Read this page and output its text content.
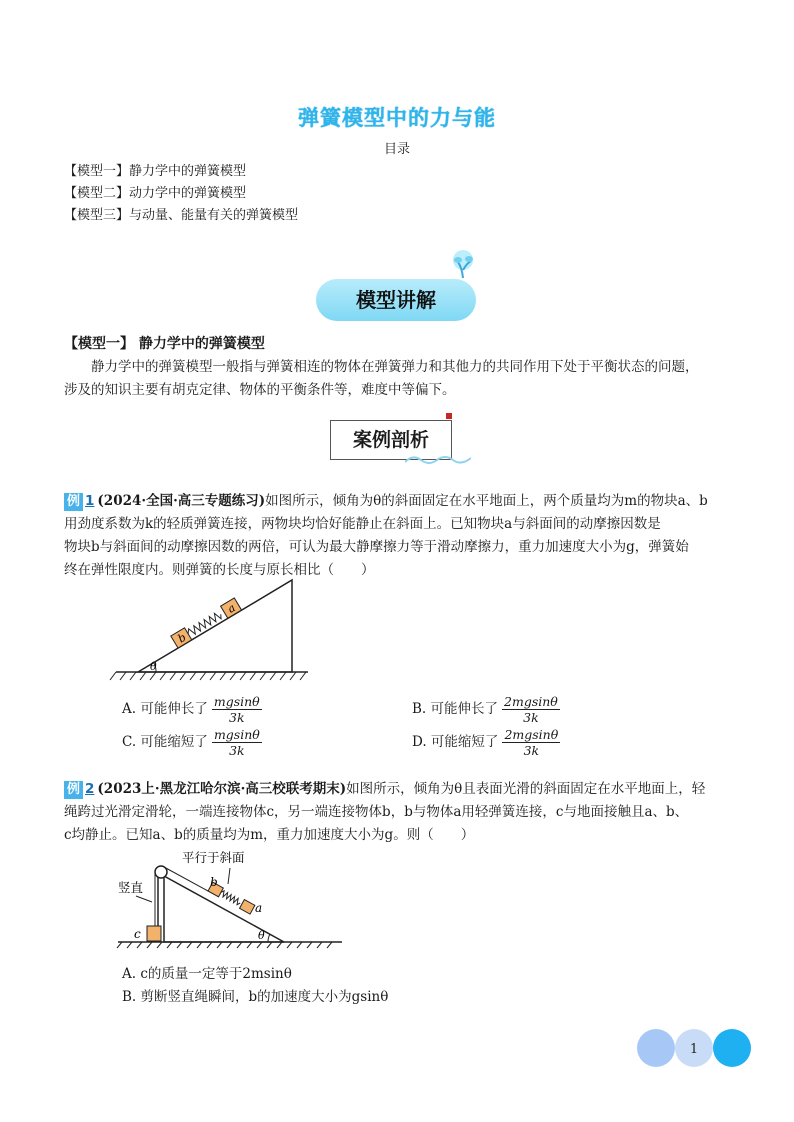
弹簧模型中的力与能
目录
【模型一】静力学中的弹簧模型
【模型二】动力学中的弹簧模型
【模型三】与动量、能量有关的弹簧模型
模型讲解
【模型一】 静力学中的弹簧模型
静力学中的弹簧模型一般指与弹簧相连的物体在弹簧弹力和其他力的共同作用下处于平衡状态的问题，
涉及的知识主要有胡克定律、物体的平衡条件等，难度中等偏下。
案例剖析
例 1 (2024·全国·高三专题练习)如图所示，倾角为θ的斜面固定在水平地面上，两个质量均为m的物块a、b
用劲度系数为k的轻质弹簧连接，两物块均恰好能静止在斜面上。已知物块a与斜面间的动摩擦因数是
物块b与斜面间的动摩擦因数的两倍，可认为最大静摩擦力等于滑动摩擦力，重力加速度大小为g，弹簧始
终在弹性限度内。则弹簧的长度与原长相比（　　）
θ
b
a
A. 可能伸长了 $\frac{mgsin\theta}{3k}$	B. 可能伸长了 $\frac{2mgsin\theta}{3k}$
C. 可能缩短了 $\frac{mgsin\theta}{3k}$	D. 可能缩短了 $\frac{2mgsin\theta}{3k}$
例 2 (2023上·黑龙江哈尔滨·高三校联考期末)如图所示，倾角为θ且表面光滑的斜面固定在水平地面上，轻
绳跨过光滑定滑轮，一端连接物体c，另一端连接物体b，b与物体a用轻弹簧连接，c与地面接触且a、b、
c均静止。已知a、b的质量均为m，重力加速度大小为g。则（　　）
平行于斜面
竖直
c
b
a
θ
A. c的质量一定等于2msinθ
B. 剪断竖直绳瞬间，b的加速度大小为gsinθ
1
